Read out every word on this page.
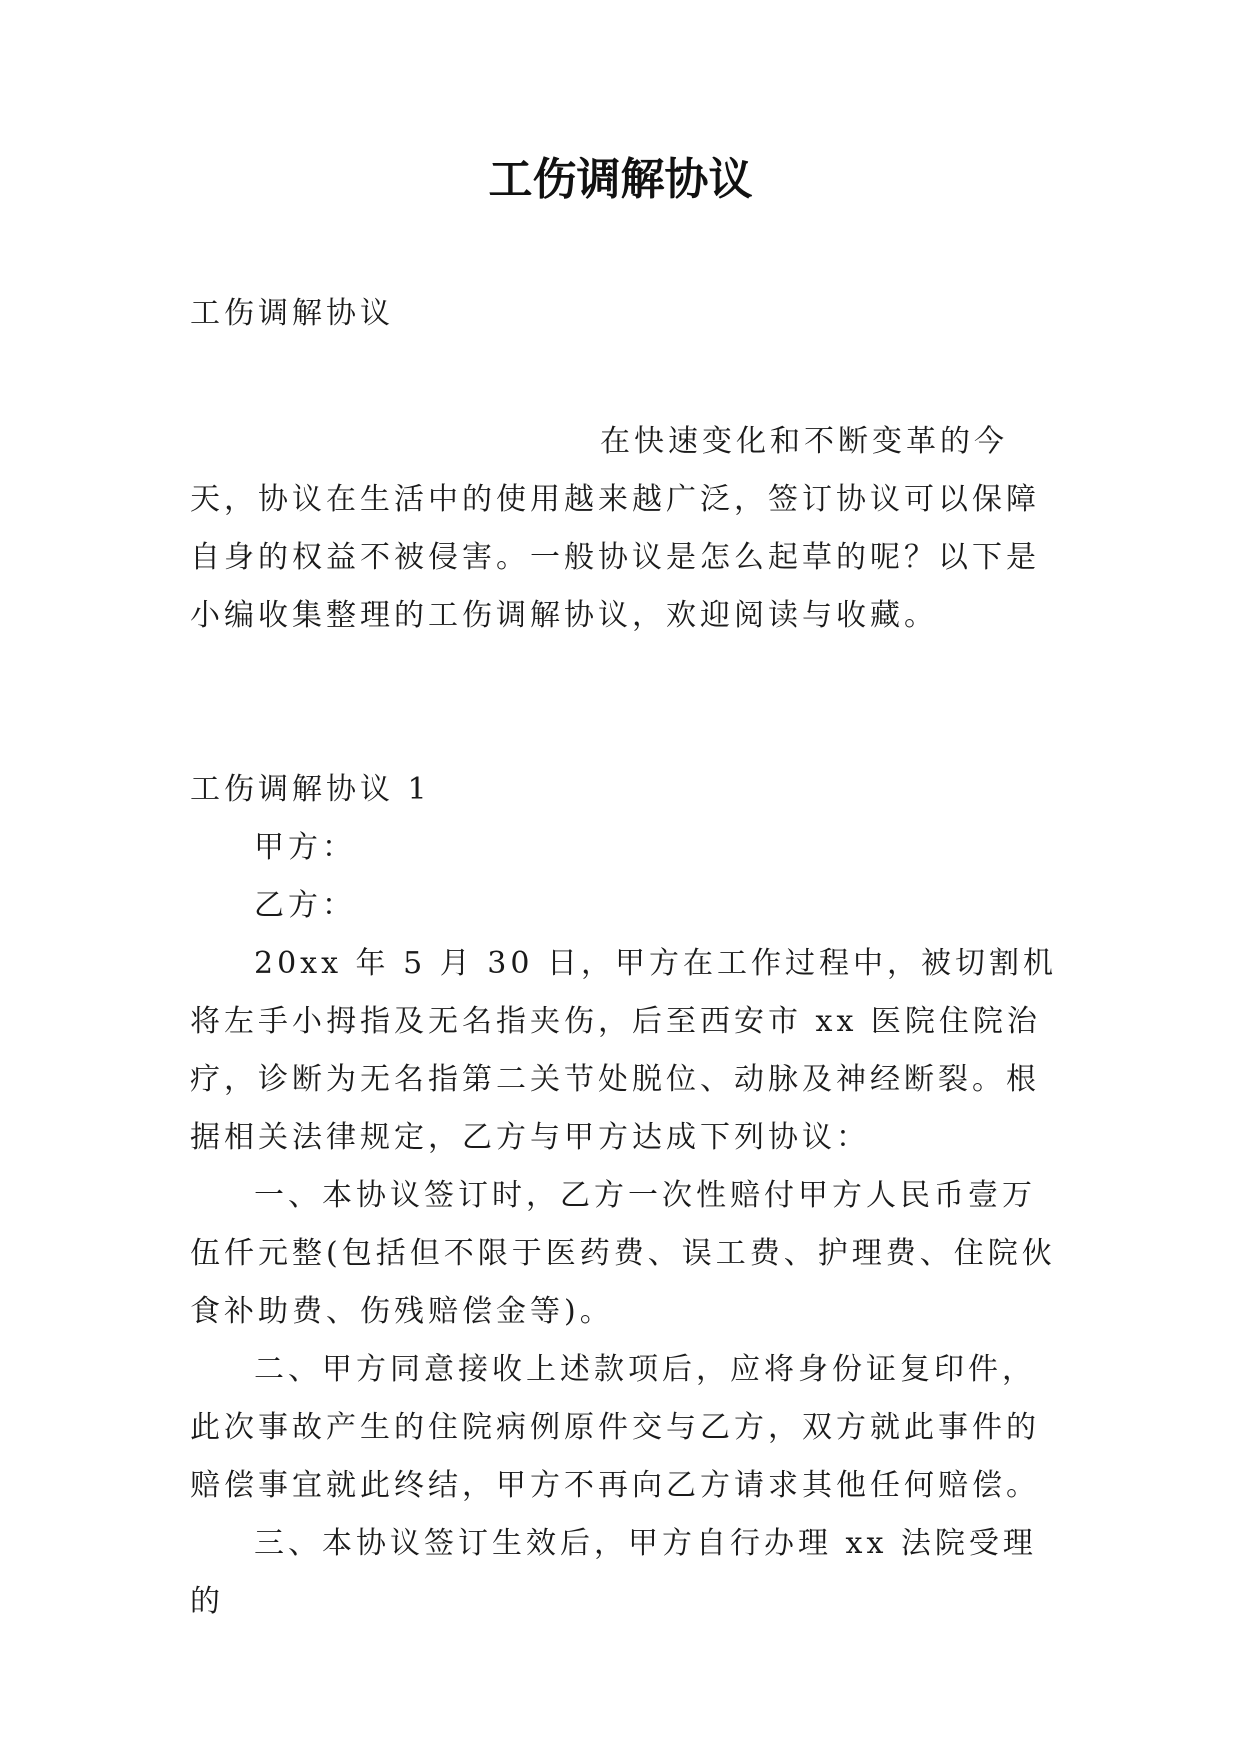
工伤调解协议

工伤调解协议

在快速变化和不断变革的今天，协议在生活中的使用越来越广泛，签订协议可以保障自身的权益不被侵害。一般协议是怎么起草的呢？以下是小编收集整理的工伤调解协议，欢迎阅读与收藏。

工伤调解协议 1

甲方：

乙方：

20xx 年 5 月 30 日，甲方在工作过程中，被切割机将左手小拇指及无名指夹伤，后至西安市 xx 医院住院治疗，诊断为无名指第二关节处脱位、动脉及神经断裂。根据相关法律规定，乙方与甲方达成下列协议：

一、本协议签订时，乙方一次性赔付甲方人民币壹万伍仟元整(包括但不限于医药费、误工费、护理费、住院伙食补助费、伤残赔偿金等)。

二、甲方同意接收上述款项后，应将身份证复印件，此次事故产生的住院病例原件交与乙方，双方就此事件的赔偿事宜就此终结，甲方不再向乙方请求其他任何赔偿。

三、本协议签订生效后，甲方自行办理 xx 法院受理的
